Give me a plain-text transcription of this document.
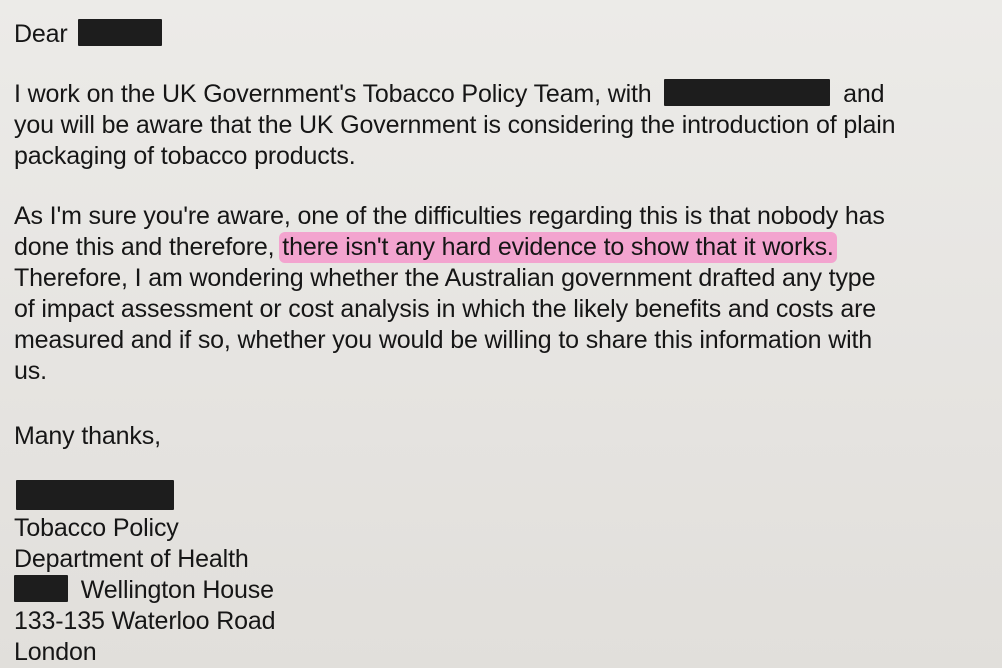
Dear
I work on the UK Government's Tobacco Policy Team, with	and
you will be aware that the UK Government is considering the introduction of plain
packaging of tobacco products.
As I'm sure you're aware, one of the difficulties regarding this is that nobody has
done this and therefore, there isn't any hard evidence to show that it works.
Therefore, I am wondering whether the Australian government drafted any type
of impact assessment or cost analysis in which the likely benefits and costs are
measured and if so, whether you would be willing to share this information with
us.
Many thanks,
Tobacco Policy
Department of Health
Wellington House
133-135 Waterloo Road
London
